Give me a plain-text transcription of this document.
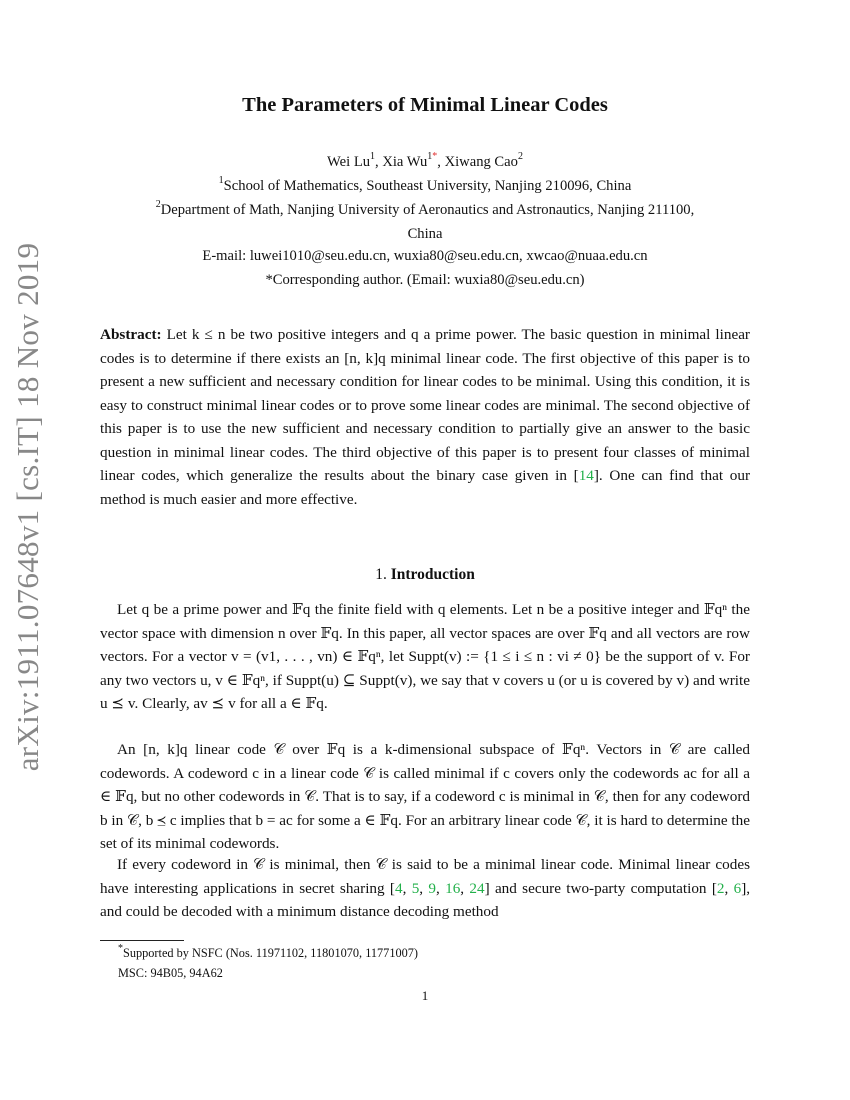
arXiv:1911.07648v1 [cs.IT] 18 Nov 2019
The Parameters of Minimal Linear Codes
Wei Lu$^1$, Xia $Wu^{1*}$, Xiwang Cao$^2$
$^1$School of Mathematics, Southeast University, Nanjing 210096, China
$^2$Department of Math, Nanjing University of Aeronautics and Astronautics, Nanjing 211100,
China
E-mail: luwei1010@seu.edu.cn, wuxia80@seu.edu.cn, xwcao@nuaa.edu.cn
*Corresponding author. (Email: wuxia80@seu.edu.cn)

Abstract: Let k ≤ n be two positive integers and q a prime power. The basic question in minimal linear codes is to determine if there exists an [n, k]q minimal linear code. The first objective of this paper is to present a new sufficient and necessary condition for linear codes to be minimal. Using this condition, it is easy to construct minimal linear codes or to prove some linear codes are minimal. The second objective of this paper is to use the new sufficient and necessary condition to partially give an answer to the basic question in minimal linear codes. The third objective of this paper is to present four classes of minimal linear codes, which generalize the results about the binary case given in [14]. One can find that our method is much easier and more effective.

1. Introduction

Let q be a prime power and 𝔽q the finite field with q elements. Let n be a positive integer and 𝔽qⁿ the vector space with dimension n over 𝔽q. In this paper, all vector spaces are over 𝔽q and all vectors are row vectors. For a vector v = (v1, . . . , vn) ∈ 𝔽qⁿ, let Suppt(v) := {1 ≤ i ≤ n : vi ≠ 0} be the support of v. For any two vectors u, v ∈ 𝔽qⁿ, if Suppt(u) ⊆ Suppt(v), we say that v covers u (or u is covered by v) and write u ⪯ v. Clearly, av ⪯ v for all a ∈ 𝔽q.

An [n, k]q linear code 𝒞 over 𝔽q is a k-dimensional subspace of 𝔽qⁿ. Vectors in 𝒞 are called codewords. A codeword c in a linear code 𝒞 is called minimal if c covers only the codewords ac for all a ∈ 𝔽q, but no other codewords in 𝒞. That is to say, if a codeword c is minimal in 𝒞, then for any codeword b in 𝒞, b ⪯ c implies that b = ac for some a ∈ 𝔽q. For an arbitrary linear code 𝒞, it is hard to determine the set of its minimal codewords.

If every codeword in 𝒞 is minimal, then 𝒞 is said to be a minimal linear code. Minimal linear codes have interesting applications in secret sharing [4, 5, 9, 16, 24] and secure two-party computation [2, 6], and could be decoded with a minimum distance decoding method

*Supported by NSFC (Nos. 11971102, 11801070, 11771007)
MSC: 94B05, 94A62
1
